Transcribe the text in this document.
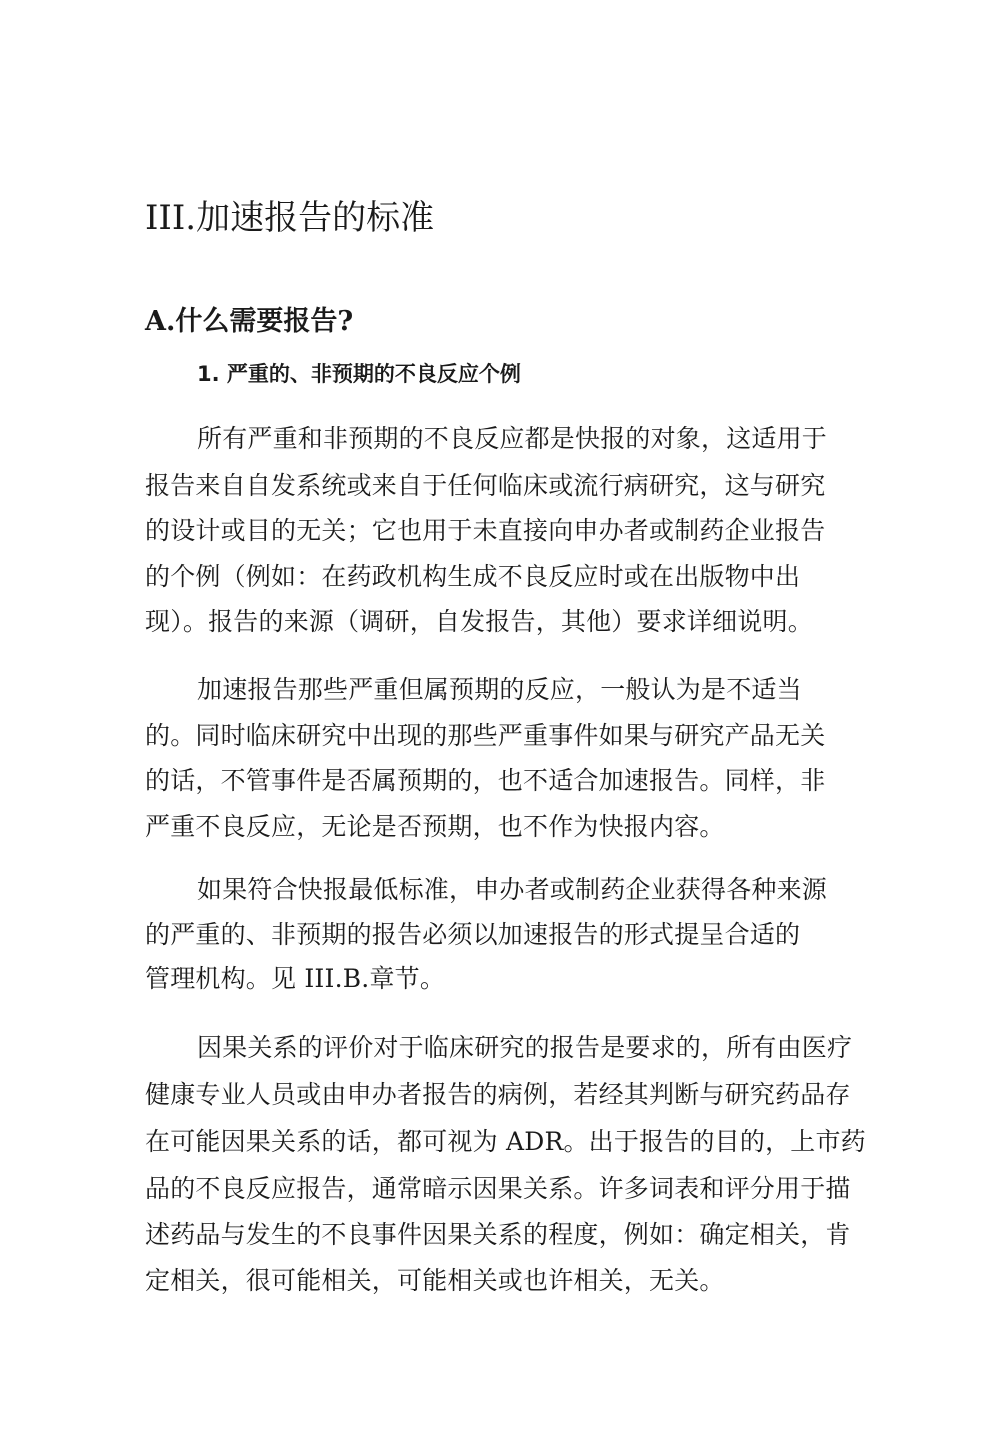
III.加速报告的标准
A.什么需要报告?
1. 严重的、非预期的不良反应个例
所有严重和非预期的不良反应都是快报的对象，这适用于
报告来自自发系统或来自于任何临床或流行病研究，这与研究
的设计或目的无关；它也用于未直接向申办者或制药企业报告
的个例（例如：在药政机构生成不良反应时或在出版物中出
现）。报告的来源（调研，自发报告，其他）要求详细说明。
加速报告那些严重但属预期的反应，一般认为是不适当
的。同时临床研究中出现的那些严重事件如果与研究产品无关
的话，不管事件是否属预期的，也不适合加速报告。同样，非
严重不良反应，无论是否预期，也不作为快报内容。
如果符合快报最低标准，申办者或制药企业获得各种来源
的严重的、非预期的报告必须以加速报告的形式提呈合适的
管理机构。见 III.B.章节。
因果关系的评价对于临床研究的报告是要求的，所有由医疗
健康专业人员或由申办者报告的病例，若经其判断与研究药品存
在可能因果关系的话，都可视为 ADR。出于报告的目的，上市药
品的不良反应报告，通常暗示因果关系。许多词表和评分用于描
述药品与发生的不良事件因果关系的程度，例如：确定相关，肯
定相关，很可能相关，可能相关或也许相关，无关。
